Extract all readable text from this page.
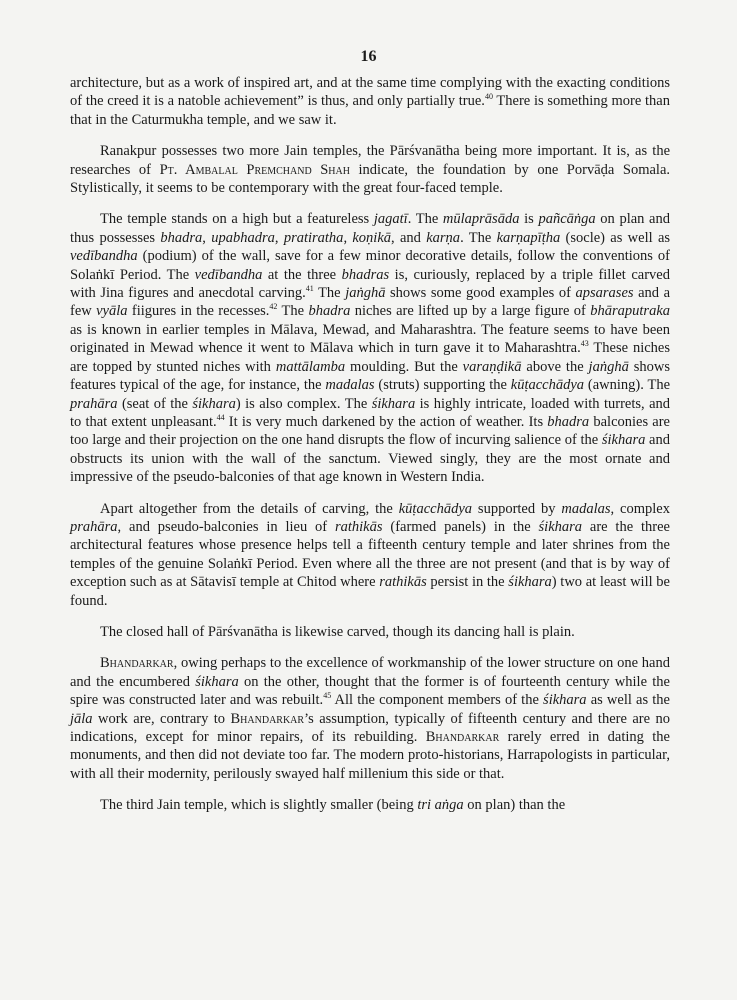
16

architecture, but as a work of inspired art, and at the same time complying with the exacting conditions of the creed it is a natoble achievement” is thus, and only partially true.$^{40}$ There is something more than that in the Caturmukha temple, and we saw it.

Ranakpur possesses two more Jain temples, the Pārśvanātha being more important. It is, as the researches of Pt. Ambalal Premchand Shah indicate, the foundation by one Porvāḍa Somala. Stylistically, it seems to be contemporary with the great four-faced temple.

The temple stands on a high but a featureless jagatī. The mūlaprāsāda is pañcāṅga on plan and thus possesses bhadra, upabhadra, pratiratha, koṇikā, and karṇa. The karṇapīṭha (socle) as well as vedībandha (podium) of the wall, save for a few minor decorative details, follow the conventions of Solaṅkī Period. The vedībandha at the three bhadras is, curiously, replaced by a triple fillet carved with Jina figures and anecdotal carving.$^{41}$ The jaṅghā shows some good examples of apsarases and a few vyāla fiigures in the recesses.$^{42}$ The bhadra niches are lifted up by a large figure of bhāraputraka as is known in earlier temples in Mālava, Mewad, and Maharashtra. The feature seems to have been originated in Mewad whence it went to Mālava which in turn gave it to Maharashtra.$^{43}$ These niches are topped by stunted niches with mattālamba moulding. But the varaṇḍikā above the jaṅghā shows features typical of the age, for instance, the madalas (struts) supporting the kūṭacchādya (awning). The prahāra (seat of the śikhara) is also complex. The śikhara is highly intricate, loaded with turrets, and to that extent unpleasant.$^{44}$ It is very much darkened by the action of weather. Its bhadra balconies are too large and their projection on the one hand disrupts the flow of incurving salience of the śikhara and obstructs its union with the wall of the sanctum. Viewed singly, they are the most ornate and impressive of the pseudo-balconies of that age known in Western India.

Apart altogether from the details of carving, the kūṭacchādya supported by madalas, complex prahāra, and pseudo-balconies in lieu of rathikās (farmed panels) in the śikhara are the three architectural features whose presence helps tell a fifteenth century temple and later shrines from the temples of the genuine Solaṅkī Period. Even where all the three are not present (and that is by way of exception such as at Sātavisī temple at Chitod where rathikās persist in the śikhara) two at least will be found.

The closed hall of Pārśvanātha is likewise carved, though its dancing hall is plain.

Bhandarkar, owing perhaps to the excellence of workmanship of the lower structure on one hand and the encumbered śikhara on the other, thought that the former is of fourteenth century while the spire was constructed later and was rebuilt.$^{45}$ All the component members of the śikhara as well as the jāla work are, contrary to Bhandarkar’s assumption, typically of fifteenth century and there are no indications, except for minor repairs, of its rebuilding. Bhandarkar rarely erred in dating the monuments, and then did not deviate too far. The modern proto-historians, Harrapologists in particular, with all their modernity, perilously swayed half millenium this side or that.

The third Jain temple, which is slightly smaller (being tri aṅga on plan) than the
